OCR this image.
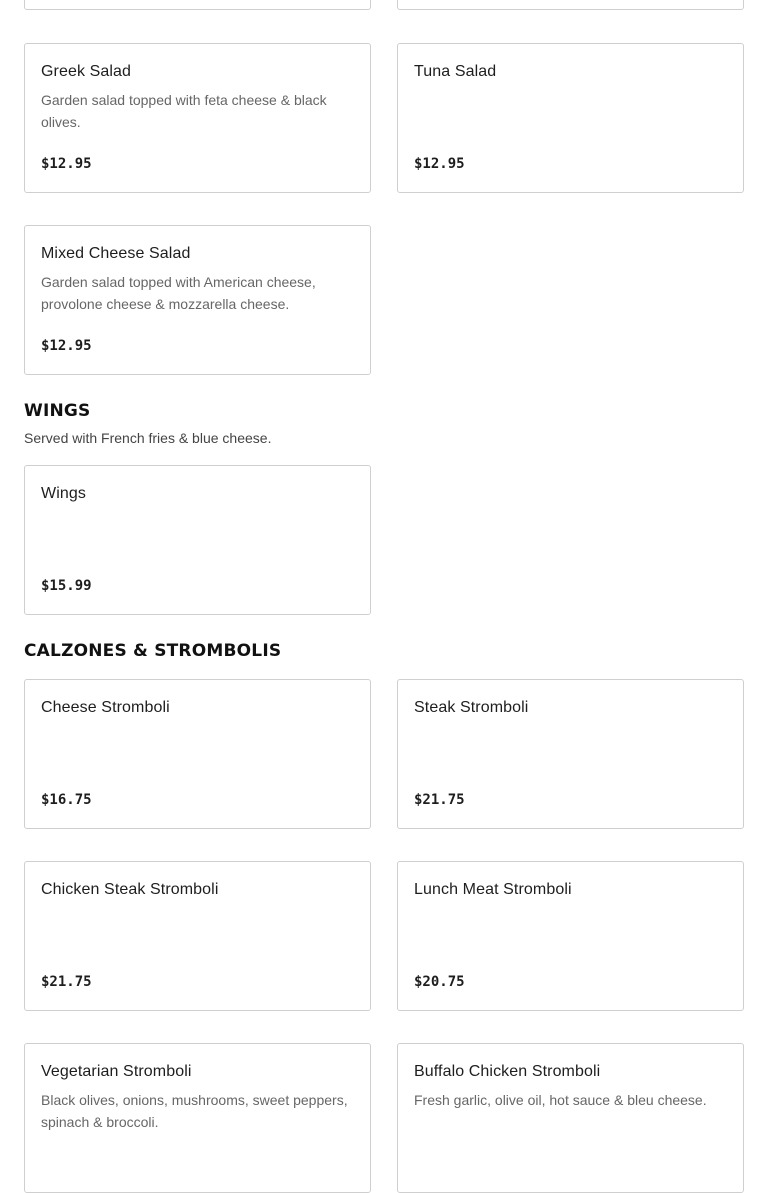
Greek Salad
Garden salad topped with feta cheese & black olives.
$12.95
Tuna Salad
$12.95
Mixed Cheese Salad
Garden salad topped with American cheese, provolone cheese & mozzarella cheese.
$12.95
WINGS
Served with French fries & blue cheese.
Wings
$15.99
CALZONES & STROMBOLIS
Cheese Stromboli
$16.75
Steak Stromboli
$21.75
Chicken Steak Stromboli
$21.75
Lunch Meat Stromboli
$20.75
Vegetarian Stromboli
Black olives, onions, mushrooms, sweet peppers, spinach & broccoli.
Buffalo Chicken Stromboli
Fresh garlic, olive oil, hot sauce & bleu cheese.
